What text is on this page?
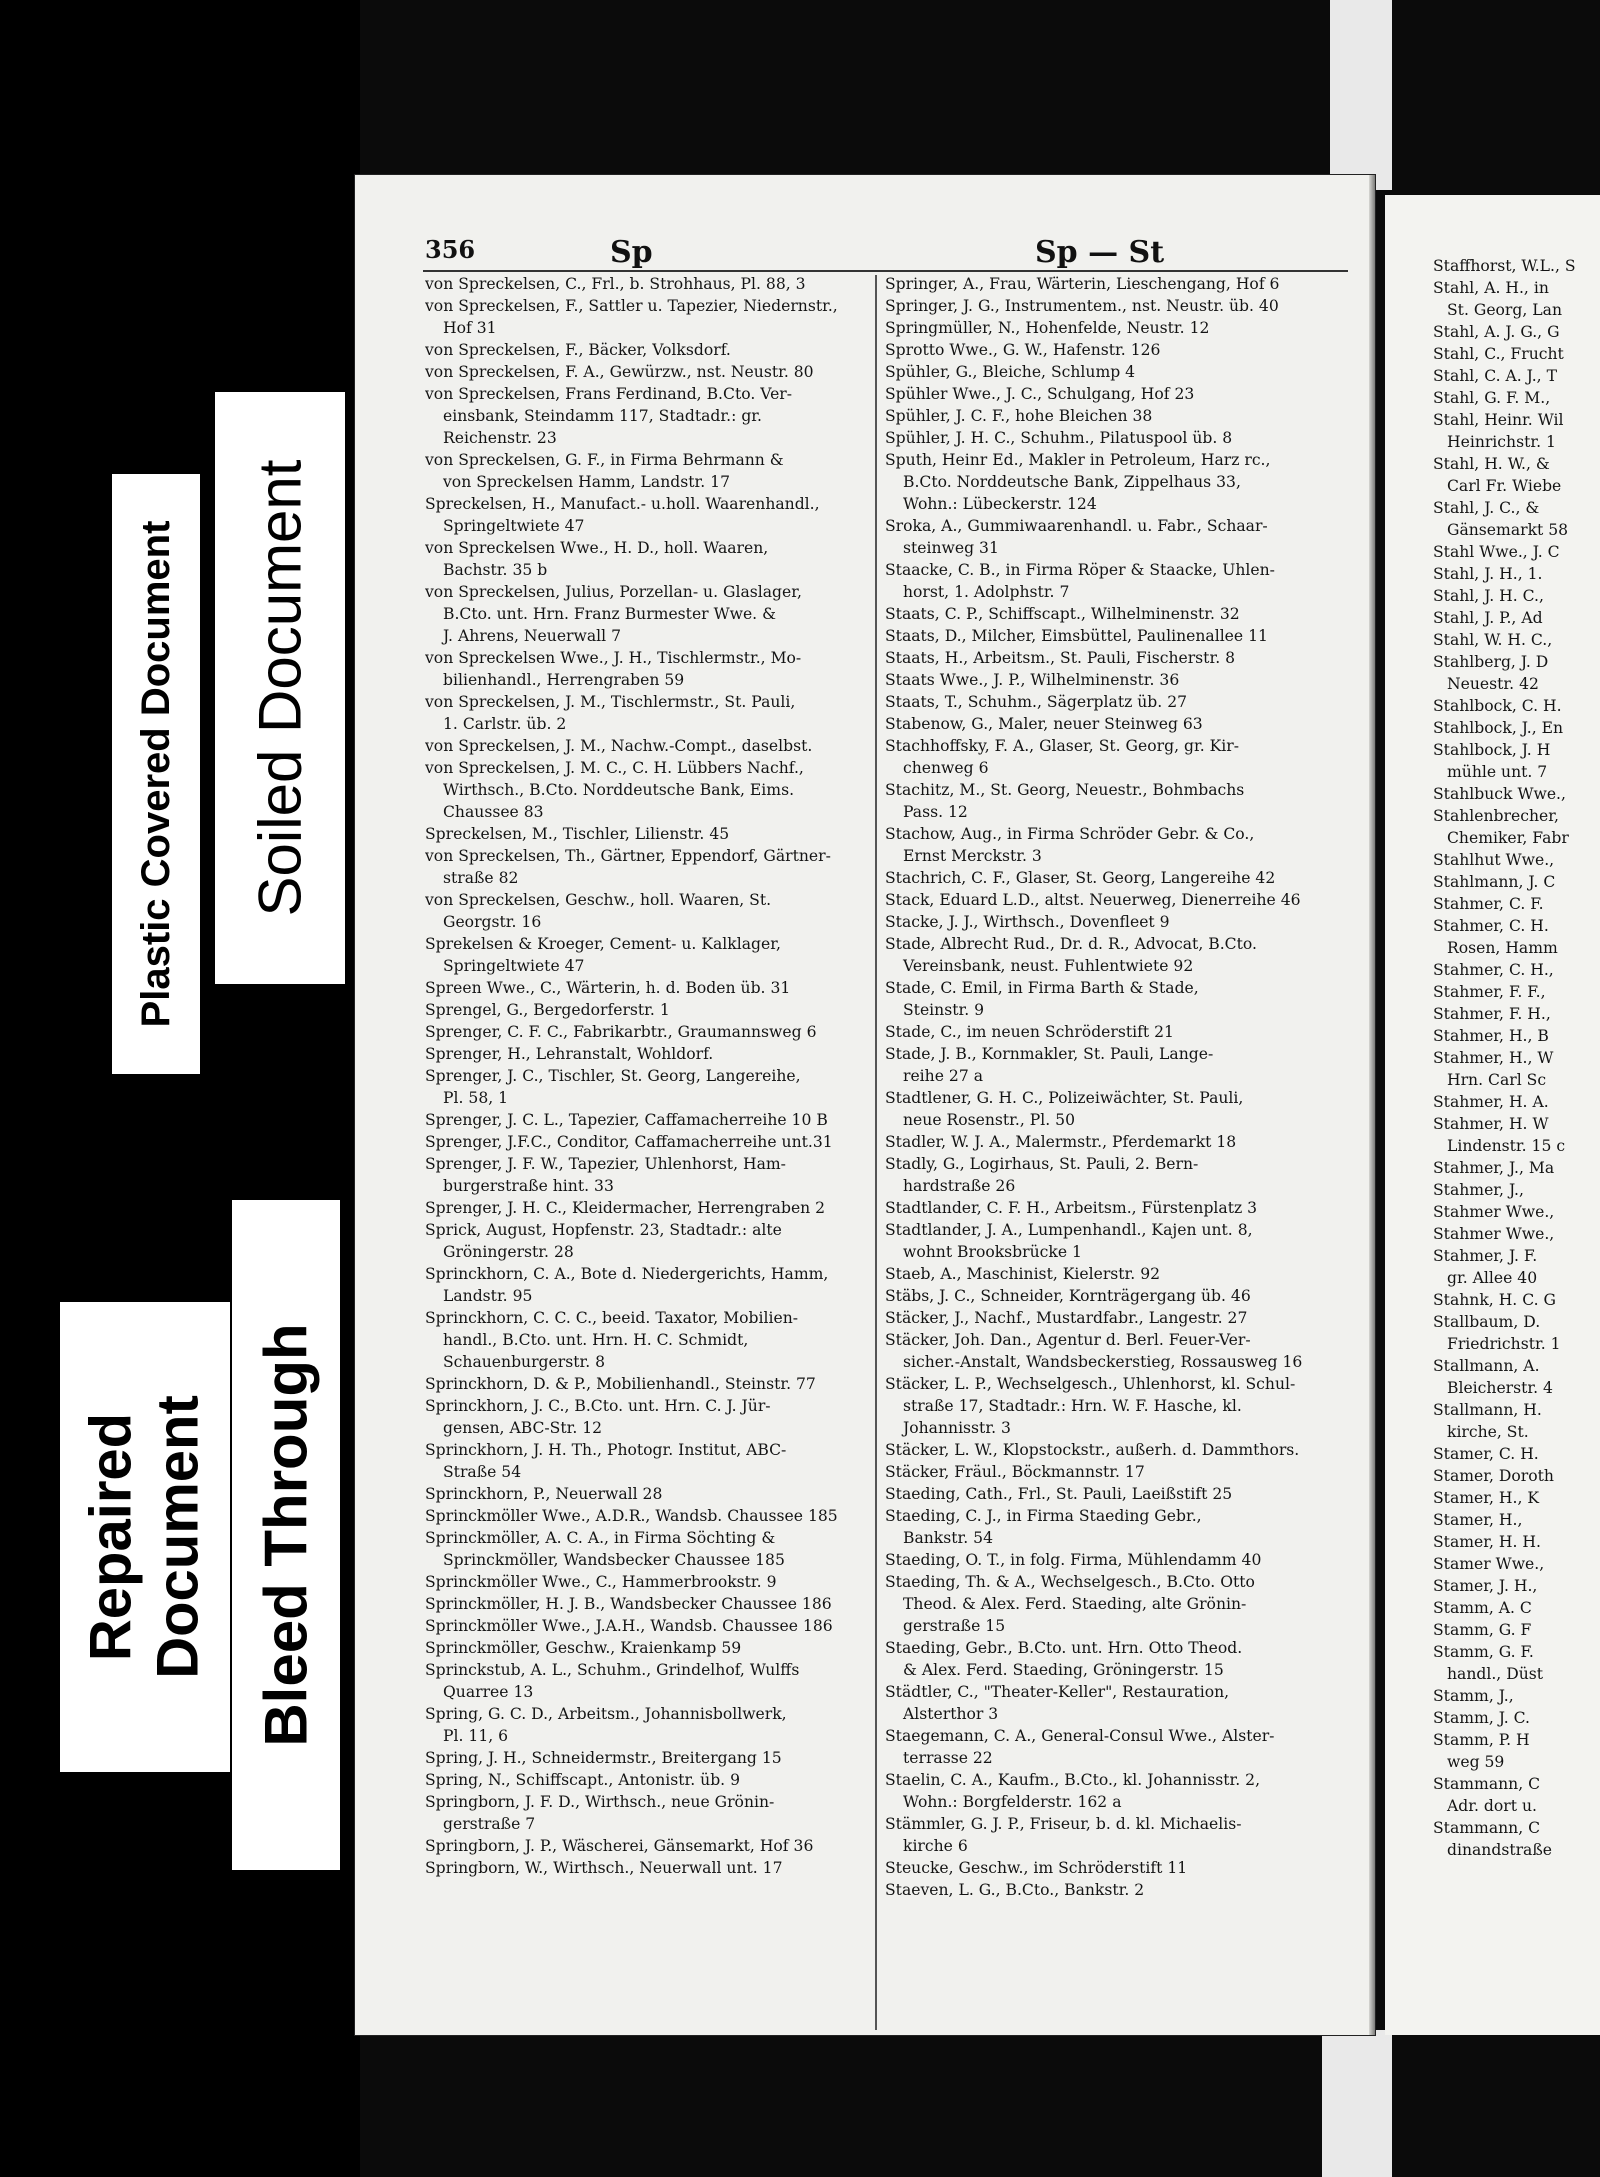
Plastic Covered Document Soiled Document
Repaired Document Bleed Through
356	Sp	Sp — St
von Spreckelsen, C., Frl., b. Strohhaus, Pl. 88, 3
von Spreckelsen, F., Sattler u. Tapezier, Niedernstr.,
Hof 31
von Spreckelsen, F., Bäcker, Volksdorf.
von Spreckelsen, F. A., Gewürzw., nst. Neustr. 80
von Spreckelsen, Frans Ferdinand, B.Cto. Ver-
einsbank, Steindamm 117, Stadtadr.: gr.
Reichenstr. 23
von Spreckelsen, G. F., in Firma Behrmann &
von Spreckelsen Hamm, Landstr. 17
Spreckelsen, H., Manufact.- u.holl. Waarenhandl.,
Springeltwiete 47
von Spreckelsen Wwe., H. D., holl. Waaren,
Bachstr. 35 b
von Spreckelsen, Julius, Porzellan- u. Glaslager,
B.Cto. unt. Hrn. Franz Burmester Wwe. &
J. Ahrens, Neuerwall 7
von Spreckelsen Wwe., J. H., Tischlermstr., Mo-
bilienhandl., Herrengraben 59
von Spreckelsen, J. M., Tischlermstr., St. Pauli,
1. Carlstr. üb. 2
von Spreckelsen, J. M., Nachw.-Compt., daselbst.
von Spreckelsen, J. M. C., C. H. Lübbers Nachf.,
Wirthsch., B.Cto. Norddeutsche Bank, Eims.
Chaussee 83
Spreckelsen, M., Tischler, Lilienstr. 45
von Spreckelsen, Th., Gärtner, Eppendorf, Gärtner-
straße 82
von Spreckelsen, Geschw., holl. Waaren, St.
Georgstr. 16
Sprekelsen & Kroeger, Cement- u. Kalklager,
Springeltwiete 47
Spreen Wwe., C., Wärterin, h. d. Boden üb. 31
Sprengel, G., Bergedorferstr. 1
Sprenger, C. F. C., Fabrikarbtr., Graumannsweg 6
Sprenger, H., Lehranstalt, Wohldorf.
Sprenger, J. C., Tischler, St. Georg, Langereihe,
Pl. 58, 1
Sprenger, J. C. L., Tapezier, Caffamacherreihe 10 B
Sprenger, J.F.C., Conditor, Caffamacherreihe unt.31
Sprenger, J. F. W., Tapezier, Uhlenhorst, Ham-
burgerstraße hint. 33
Sprenger, J. H. C., Kleidermacher, Herrengraben 2
Sprick, August, Hopfenstr. 23, Stadtadr.: alte
Gröningerstr. 28
Sprinckhorn, C. A., Bote d. Niedergerichts, Hamm,
Landstr. 95
Sprinckhorn, C. C. C., beeid. Taxator, Mobilien-
handl., B.Cto. unt. Hrn. H. C. Schmidt,
Schauenburgerstr. 8
Sprinckhorn, D. & P., Mobilienhandl., Steinstr. 77
Sprinckhorn, J. C., B.Cto. unt. Hrn. C. J. Jür-
gensen, ABC-Str. 12
Sprinckhorn, J. H. Th., Photogr. Institut, ABC-
Straße 54
Sprinckhorn, P., Neuerwall 28
Sprinckmöller Wwe., A.D.R., Wandsb. Chaussee 185
Sprinckmöller, A. C. A., in Firma Söchting &
Sprinckmöller, Wandsbecker Chaussee 185
Sprinckmöller Wwe., C., Hammerbrookstr. 9
Sprinckmöller, H. J. B., Wandsbecker Chaussee 186
Sprinckmöller Wwe., J.A.H., Wandsb. Chaussee 186
Sprinckmöller, Geschw., Kraienkamp 59
Sprinckstub, A. L., Schuhm., Grindelhof, Wulffs
Quarree 13
Spring, G. C. D., Arbeitsm., Johannisbollwerk,
Pl. 11, 6
Spring, J. H., Schneidermstr., Breitergang 15
Spring, N., Schiffscapt., Antonistr. üb. 9
Springborn, J. F. D., Wirthsch., neue Grönin-
gerstraße 7
Springborn, J. P., Wäscherei, Gänsemarkt, Hof 36
Springborn, W., Wirthsch., Neuerwall unt. 17
Springer, A., Frau, Wärterin, Lieschengang, Hof 6
Springer, J. G., Instrumentem., nst. Neustr. üb. 40
Springmüller, N., Hohenfelde, Neustr. 12
Sprotto Wwe., G. W., Hafenstr. 126
Spühler, G., Bleiche, Schlump 4
Spühler Wwe., J. C., Schulgang, Hof 23
Spühler, J. C. F., hohe Bleichen 38
Spühler, J. H. C., Schuhm., Pilatuspool üb. 8
Sputh, Heinr Ed., Makler in Petroleum, Harz rc.,
B.Cto. Norddeutsche Bank, Zippelhaus 33,
Wohn.: Lübeckerstr. 124
Sroka, A., Gummiwaarenhandl. u. Fabr., Schaar-
steinweg 31
Staacke, C. B., in Firma Röper & Staacke, Uhlen-
horst, 1. Adolphstr. 7
Staats, C. P., Schiffscapt., Wilhelminenstr. 32
Staats, D., Milcher, Eimsbüttel, Paulinenallee 11
Staats, H., Arbeitsm., St. Pauli, Fischerstr. 8
Staats Wwe., J. P., Wilhelminenstr. 36
Staats, T., Schuhm., Sägerplatz üb. 27
Stabenow, G., Maler, neuer Steinweg 63
Stachhoffsky, F. A., Glaser, St. Georg, gr. Kir-
chenweg 6
Stachitz, M., St. Georg, Neuestr., Bohmbachs
Pass. 12
Stachow, Aug., in Firma Schröder Gebr. & Co.,
Ernst Merckstr. 3
Stachrich, C. F., Glaser, St. Georg, Langereihe 42
Stack, Eduard L.D., altst. Neuerweg, Dienerreihe 46
Stacke, J. J., Wirthsch., Dovenfleet 9
Stade, Albrecht Rud., Dr. d. R., Advocat, B.Cto.
Vereinsbank, neust. Fuhlentwiete 92
Stade, C. Emil, in Firma Barth & Stade,
Steinstr. 9
Stade, C., im neuen Schröderstift 21
Stade, J. B., Kornmakler, St. Pauli, Lange-
reihe 27 a
Stadtlener, G. H. C., Polizeiwächter, St. Pauli,
neue Rosenstr., Pl. 50
Stadler, W. J. A., Malermstr., Pferdemarkt 18
Stadly, G., Logirhaus, St. Pauli, 2. Bern-
hardstraße 26
Stadtlander, C. F. H., Arbeitsm., Fürstenplatz 3
Stadtlander, J. A., Lumpenhandl., Kajen unt. 8,
wohnt Brooksbrücke 1
Staeb, A., Maschinist, Kielerstr. 92
Stäbs, J. C., Schneider, Kornträgergang üb. 46
Stäcker, J., Nachf., Mustardfabr., Langestr. 27
Stäcker, Joh. Dan., Agentur d. Berl. Feuer-Ver-
sicher.-Anstalt, Wandsbeckerstieg, Rossausweg 16
Stäcker, L. P., Wechselgesch., Uhlenhorst, kl. Schul-
straße 17, Stadtadr.: Hrn. W. F. Hasche, kl.
Johannisstr. 3
Stäcker, L. W., Klopstockstr., außerh. d. Dammthors.
Stäcker, Fräul., Böckmannstr. 17
Staeding, Cath., Frl., St. Pauli, Laeißstift 25
Staeding, C. J., in Firma Staeding Gebr.,
Bankstr. 54
Staeding, O. T., in folg. Firma, Mühlendamm 40
Staeding, Th. & A., Wechselgesch., B.Cto. Otto
Theod. & Alex. Ferd. Staeding, alte Grönin-
gerstraße 15
Staeding, Gebr., B.Cto. unt. Hrn. Otto Theod.
& Alex. Ferd. Staeding, Gröningerstr. 15
Städtler, C., "Theater-Keller", Restauration,
Alsterthor 3
Staegemann, C. A., General-Consul Wwe., Alster-
terrasse 22
Staelin, C. A., Kaufm., B.Cto., kl. Johannisstr. 2,
Wohn.: Borgfelderstr. 162 a
Stämmler, G. J. P., Friseur, b. d. kl. Michaelis-
kirche 6
Steucke, Geschw., im Schröderstift 11
Staeven, L. G., B.Cto., Bankstr. 2
Staffhorst, W.L., S
Stahl, A. H., in
St. Georg, Lan
Stahl, A. J. G., G
Stahl, C., Frucht
Stahl, C. A. J., T
Stahl, G. F. M.,
Stahl, Heinr. Wil
Heinrichstr. 1
Stahl, H. W., &
Carl Fr. Wiebe
Stahl, J. C., &
Gänsemarkt 58
Stahl Wwe., J. C
Stahl, J. H., 1.
Stahl, J. H. C.,
Stahl, J. P., Ad
Stahl, W. H. C.,
Stahlberg, J. D
Neuestr. 42
Stahlbock, C. H.
Stahlbock, J., En
Stahlbock, J. H
mühle unt. 7
Stahlbuck Wwe.,
Stahlenbrecher,
Chemiker, Fabr
Stahlhut Wwe.,
Stahlmann, J. C
Stahmer, C. F.
Stahmer, C. H.
Rosen, Hamm
Stahmer, C. H.,
Stahmer, F. F.,
Stahmer, F. H.,
Stahmer, H., B
Stahmer, H., W
Hrn. Carl Sc
Stahmer, H. A.
Stahmer, H. W
Lindenstr. 15 c
Stahmer, J., Ma
Stahmer, J.,
Stahmer Wwe.,
Stahmer Wwe.,
Stahmer, J. F.
gr. Allee 40
Stahnk, H. C. G
Stallbaum, D.
Friedrichstr. 1
Stallmann, A.
Bleicherstr. 4
Stallmann, H.
kirche, St.
Stamer, C. H.
Stamer, Doroth
Stamer, H., K
Stamer, H.,
Stamer, H. H.
Stamer Wwe.,
Stamer, J. H.,
Stamm, A. C
Stamm, G. F
Stamm, G. F.
handl., Düst
Stamm, J.,
Stamm, J. C.
Stamm, P. H
weg 59
Stammann, C
Adr. dort u.
Stammann, C
dinandstraße
